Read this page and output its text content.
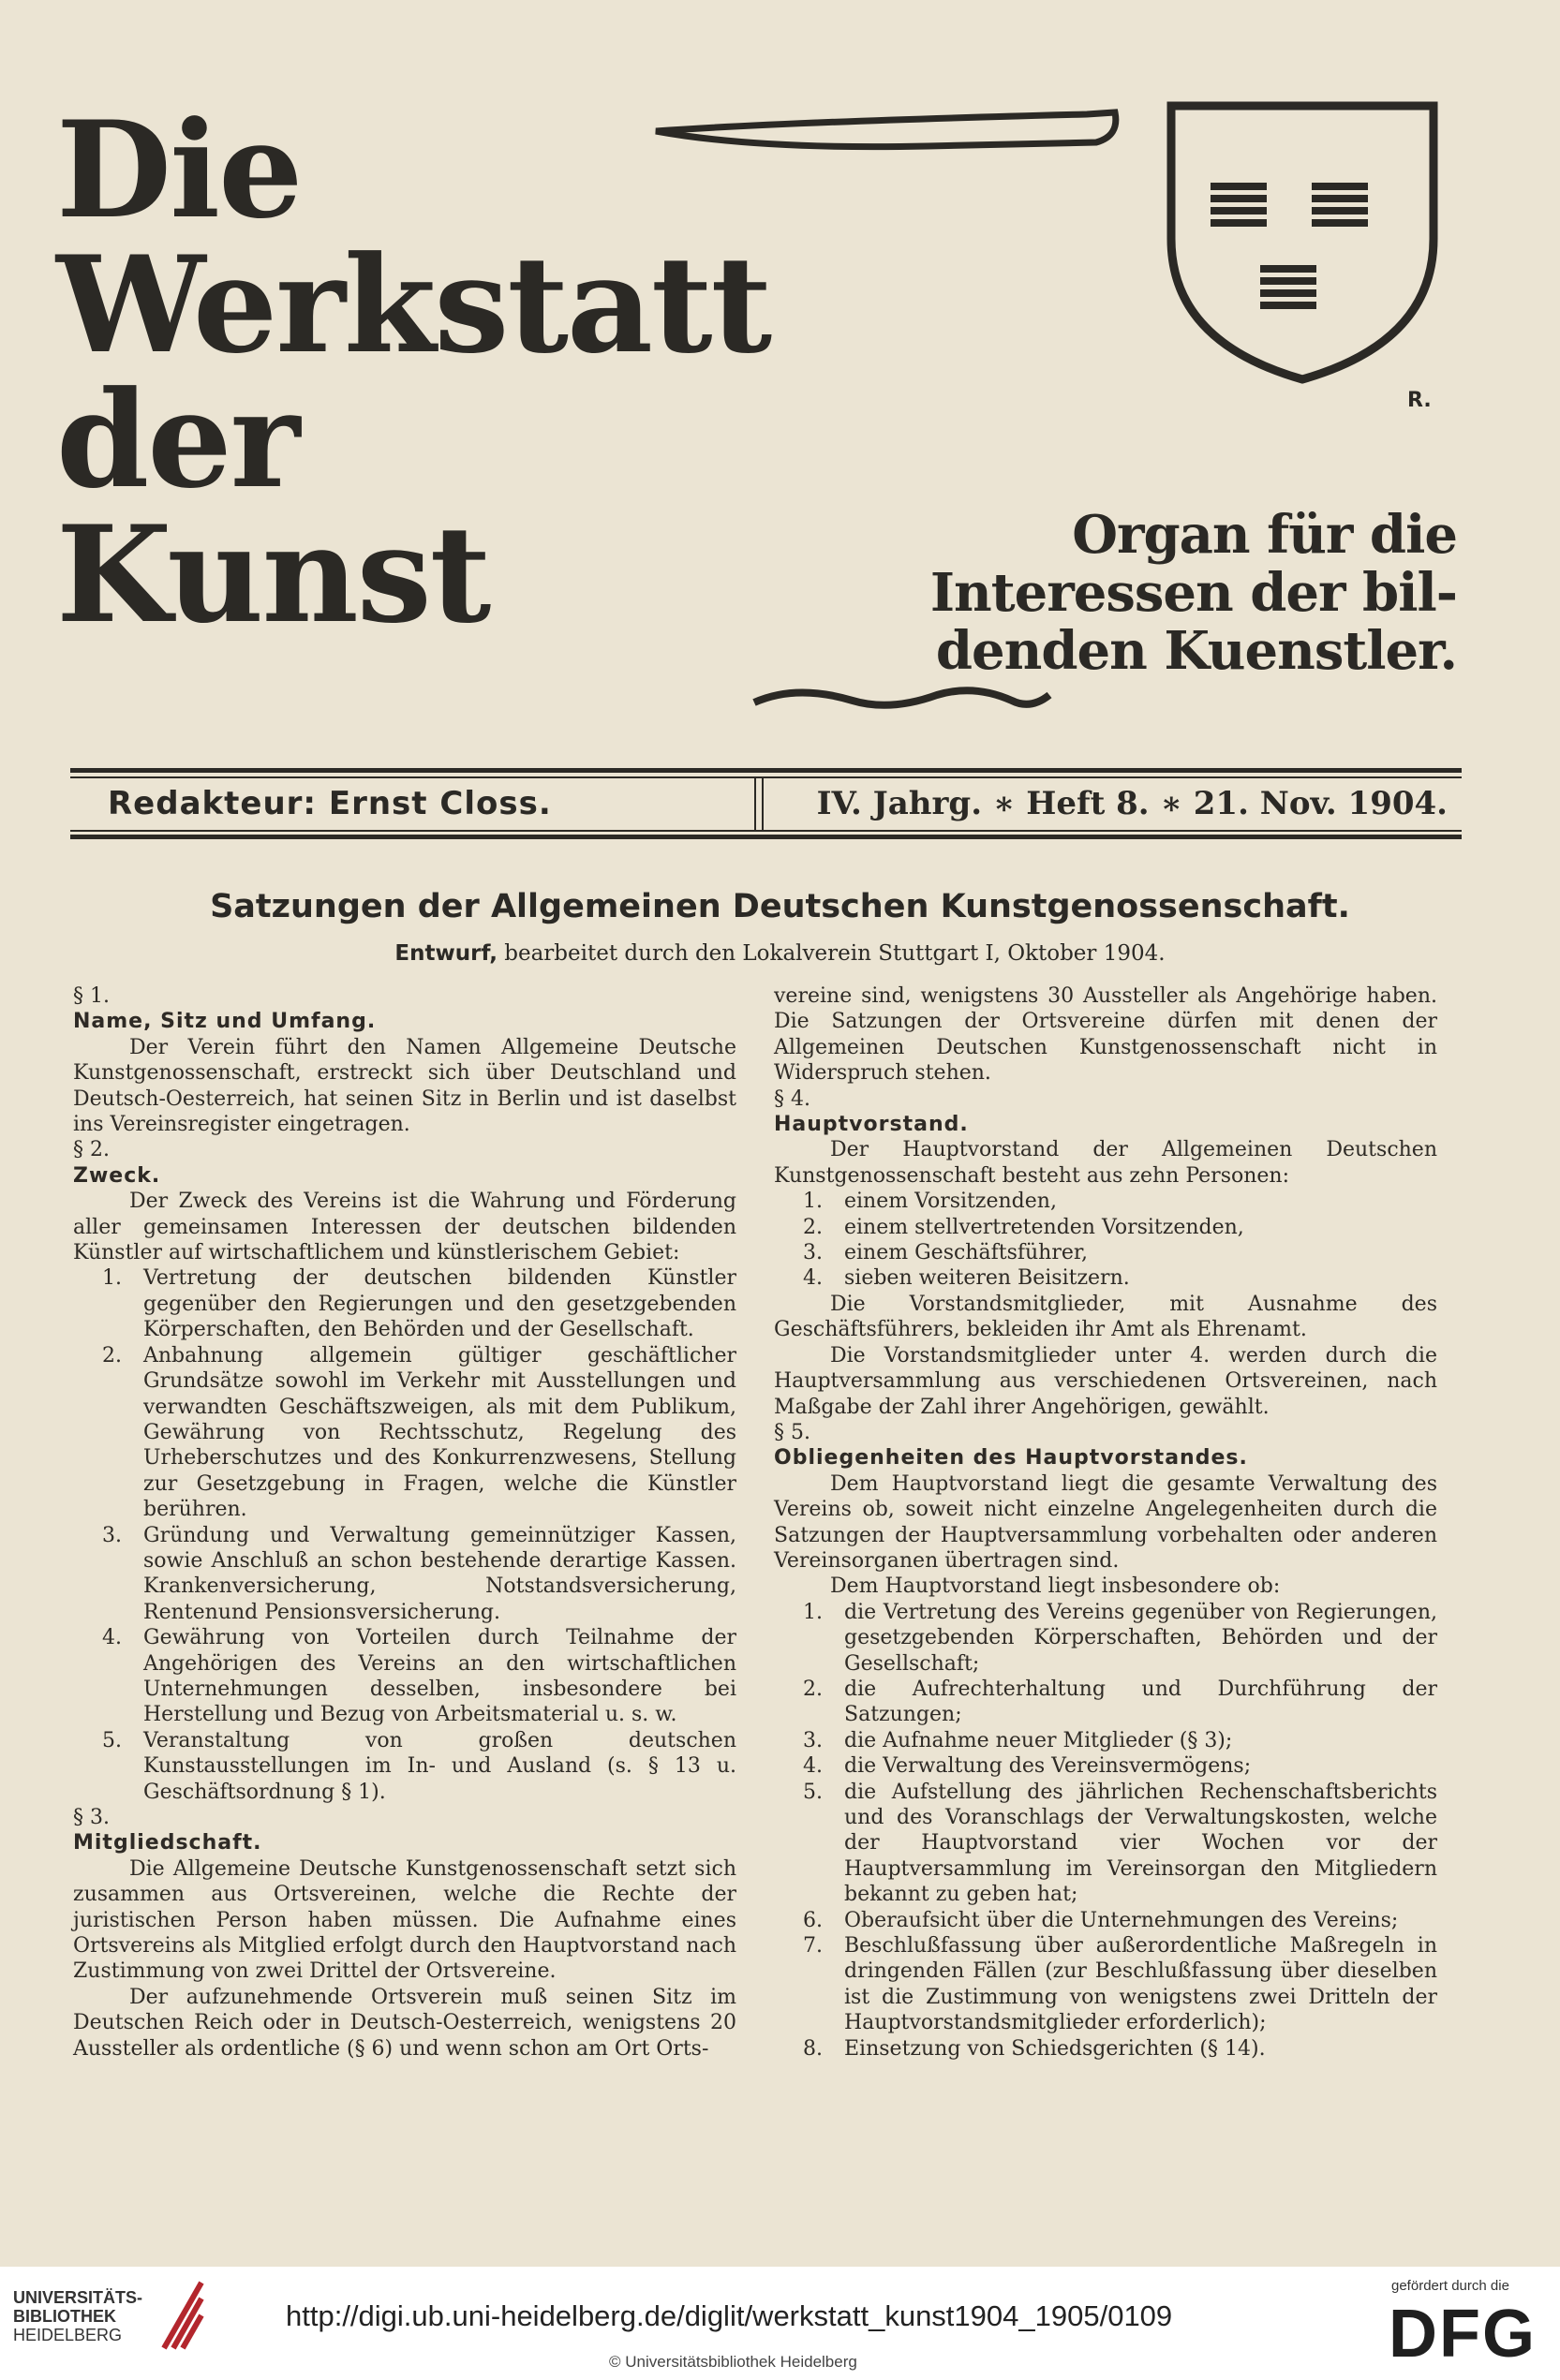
Die
Werkstatt
der
Kunst
R.
Organ für die
Interessen der bil-
denden Kuenstler.
Redakteur: Ernst Closs.	IV. Jahrg. ∗ Heft 8. ∗ 21. Nov. 1904.
Satzungen der Allgemeinen Deutschen Kunstgenossenschaft.
Entwurf, bearbeitet durch den Lokalverein Stuttgart I, Oktober 1904.

§ 1.

Name, Sitz und Umfang.

Der Verein führt den Namen Allgemeine Deutsche Kunstgenossenschaft, erstreckt sich über Deutschland und Deutsch-Oesterreich, hat seinen Sitz in Berlin und ist daselbst ins Vereinsregister eingetragen.

§ 2.

Zweck.

Der Zweck des Vereins ist die Wahrung und Förderung aller gemeinsamen Interessen der deutschen bildenden Künstler auf wirtschaftlichem und künstlerischem Gebiet:

1. Vertretung der deutschen bildenden Künstler gegenüber den Regierungen und den gesetzgebenden Körperschaften, den Behörden und der Gesellschaft.
2. Anbahnung allgemein gültiger geschäftlicher Grundsätze sowohl im Verkehr mit Ausstellungen und verwandten Geschäftszweigen, als mit dem Publikum, Gewährung von Rechtsschutz, Regelung des Urheberschutzes und des Konkurrenzwesens, Stellung zur Gesetzgebung in Fragen, welche die Künstler berühren.
3. Gründung und Verwaltung gemeinnütziger Kassen, sowie Anschluß an schon bestehende derartige Kassen. Krankenversicherung, Notstandsversicherung, Rentenund Pensionsversicherung.
4. Gewährung von Vorteilen durch Teilnahme der Angehörigen des Vereins an den wirtschaftlichen Unternehmungen desselben, insbesondere bei Herstellung und Bezug von Arbeitsmaterial u. s. w.
5. Veranstaltung von großen deutschen Kunstausstellungen im In- und Ausland (s. § 13 u. Geschäftsordnung § 1).

§ 3.

Mitgliedschaft.

Die Allgemeine Deutsche Kunstgenossenschaft setzt sich zusammen aus Ortsvereinen, welche die Rechte der juristischen Person haben müssen. Die Aufnahme eines Ortsvereins als Mitglied erfolgt durch den Hauptvorstand nach Zustimmung von zwei Drittel der Ortsvereine.

Der aufzunehmende Ortsverein muß seinen Sitz im Deutschen Reich oder in Deutsch-Oesterreich, wenigstens 20 Aussteller als ordentliche (§ 6) und wenn schon am Ort Orts-

vereine sind, wenigstens 30 Aussteller als Angehörige haben. Die Satzungen der Ortsvereine dürfen mit denen der Allgemeinen Deutschen Kunstgenossenschaft nicht in Widerspruch stehen.

§ 4.

Hauptvorstand.

Der Hauptvorstand der Allgemeinen Deutschen Kunstgenossenschaft besteht aus zehn Personen:

1. einem Vorsitzenden,
2. einem stellvertretenden Vorsitzenden,
3. einem Geschäftsführer,
4. sieben weiteren Beisitzern.

Die Vorstandsmitglieder, mit Ausnahme des Geschäftsführers, bekleiden ihr Amt als Ehrenamt.

Die Vorstandsmitglieder unter 4. werden durch die Hauptversammlung aus verschiedenen Ortsvereinen, nach Maßgabe der Zahl ihrer Angehörigen, gewählt.

§ 5.

Obliegenheiten des Hauptvorstandes.

Dem Hauptvorstand liegt die gesamte Verwaltung des Vereins ob, soweit nicht einzelne Angelegenheiten durch die Satzungen der Hauptversammlung vorbehalten oder anderen Vereinsorganen übertragen sind.

Dem Hauptvorstand liegt insbesondere ob:

1. die Vertretung des Vereins gegenüber von Regierungen, gesetzgebenden Körperschaften, Behörden und der Gesellschaft;
2. die Aufrechterhaltung und Durchführung der Satzungen;
3. die Aufnahme neuer Mitglieder (§ 3);
4. die Verwaltung des Vereinsvermögens;
5. die Aufstellung des jährlichen Rechenschaftsberichts und des Voranschlags der Verwaltungskosten, welche der Hauptvorstand vier Wochen vor der Hauptversammlung im Vereinsorgan den Mitgliedern bekannt zu geben hat;
6. Oberaufsicht über die Unternehmungen des Vereins;
7. Beschlußfassung über außerordentliche Maßregeln in dringenden Fällen (zur Beschlußfassung über dieselben ist die Zustimmung von wenigstens zwei Dritteln der Hauptvorstandsmitglieder erforderlich);
8. Einsetzung von Schiedsgerichten (§ 14).
UNIVERSITÄTS-
BIBLIOTHEK
HEIDELBERG
http://digi.ub.uni-heidelberg.de/diglit/werkstatt_kunst1904_1905/0109
© Universitätsbibliothek Heidelberg
gefördert durch die
DFG
